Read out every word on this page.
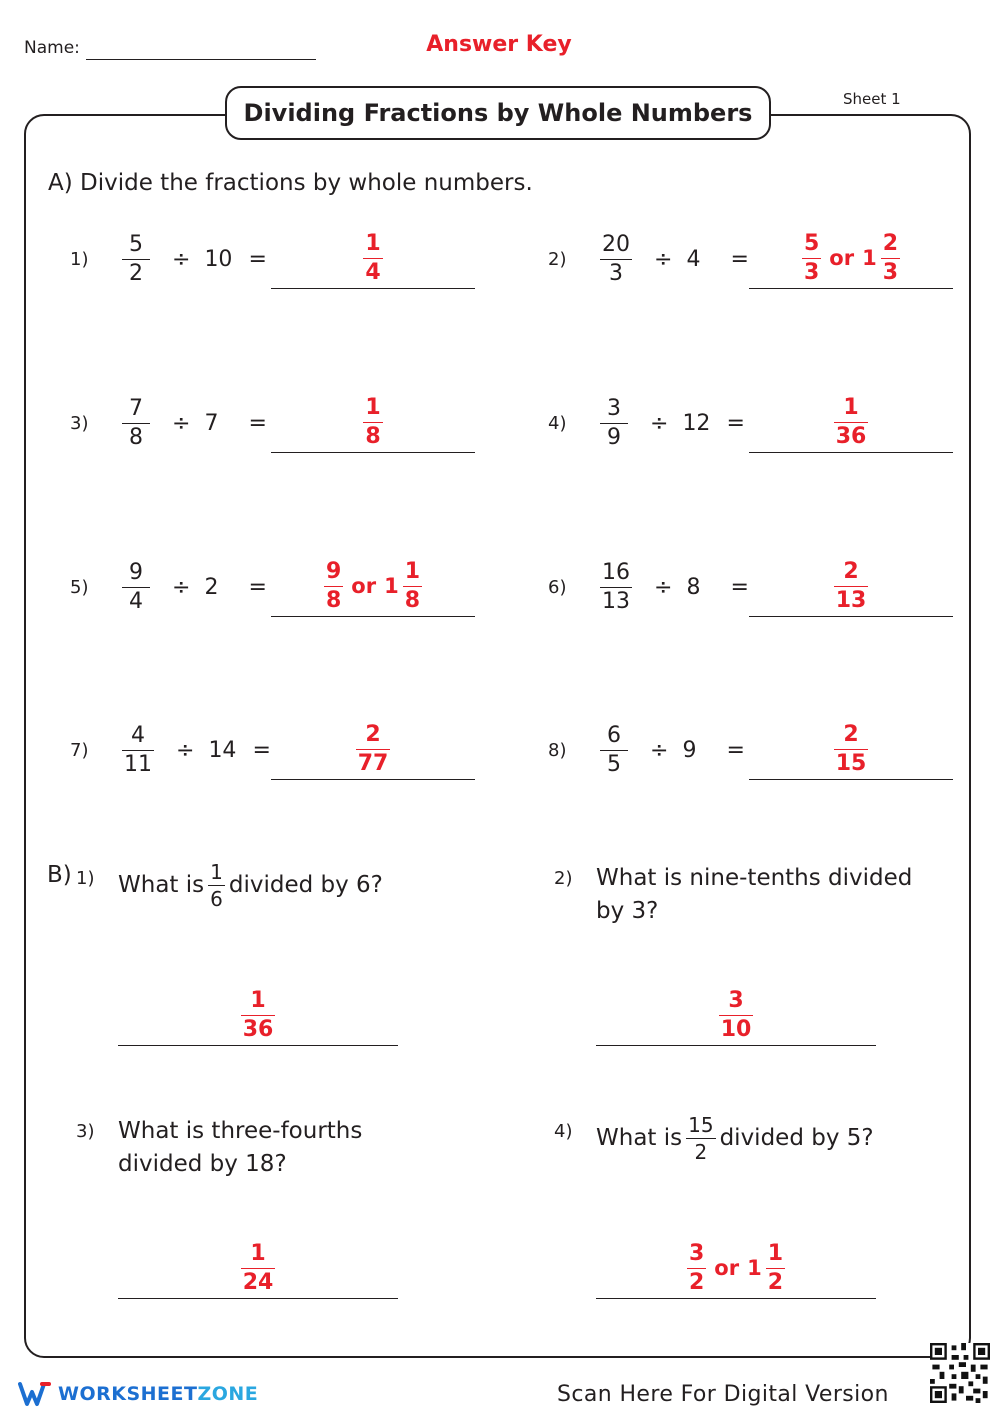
Name:	Answer Key
Dividing Fractions by Whole Numbers	Sheet 1
A) Divide the fractions by whole numbers.
$1) \frac{5}{2} \div 10$ =	$\frac{1}{4}$	$2) \frac{20}{3} \div 4$	= $\frac{5}{3}$ or $1 \frac{2}{3}$
$3) \frac{7}{8} \div 7$	=	$\frac{1}{8}$	$4) \frac{3}{9} \div 12$ =	$\frac{1}{36}$
$5) \frac{9}{4} \div 2$	=	$\frac{9}{8}$ or $1 \frac{1}{8}$	$6) \frac{16}{13} \div 8$	=	$\frac{2}{13}$
$7) \frac{4}{11} \div 14$ =	$\frac{2}{77}$	$8) \frac{6}{5} \div 9$	=	$\frac{2}{15}$
B) 1) What is $\frac{1}{6}$ divided by 6?
$\frac{1}{36}$
2) What is nine-tenths divided by 3?
$\frac{3}{10}$
3) What is three-fourths divided by 18?
$\frac{1}{24}$
4) What is $\frac{15}{2}$ divided by 5?
$\frac{3}{2}$ or $1 \frac{1}{2}$
WORKSHEETZONE	Scan Here For Digital Version
